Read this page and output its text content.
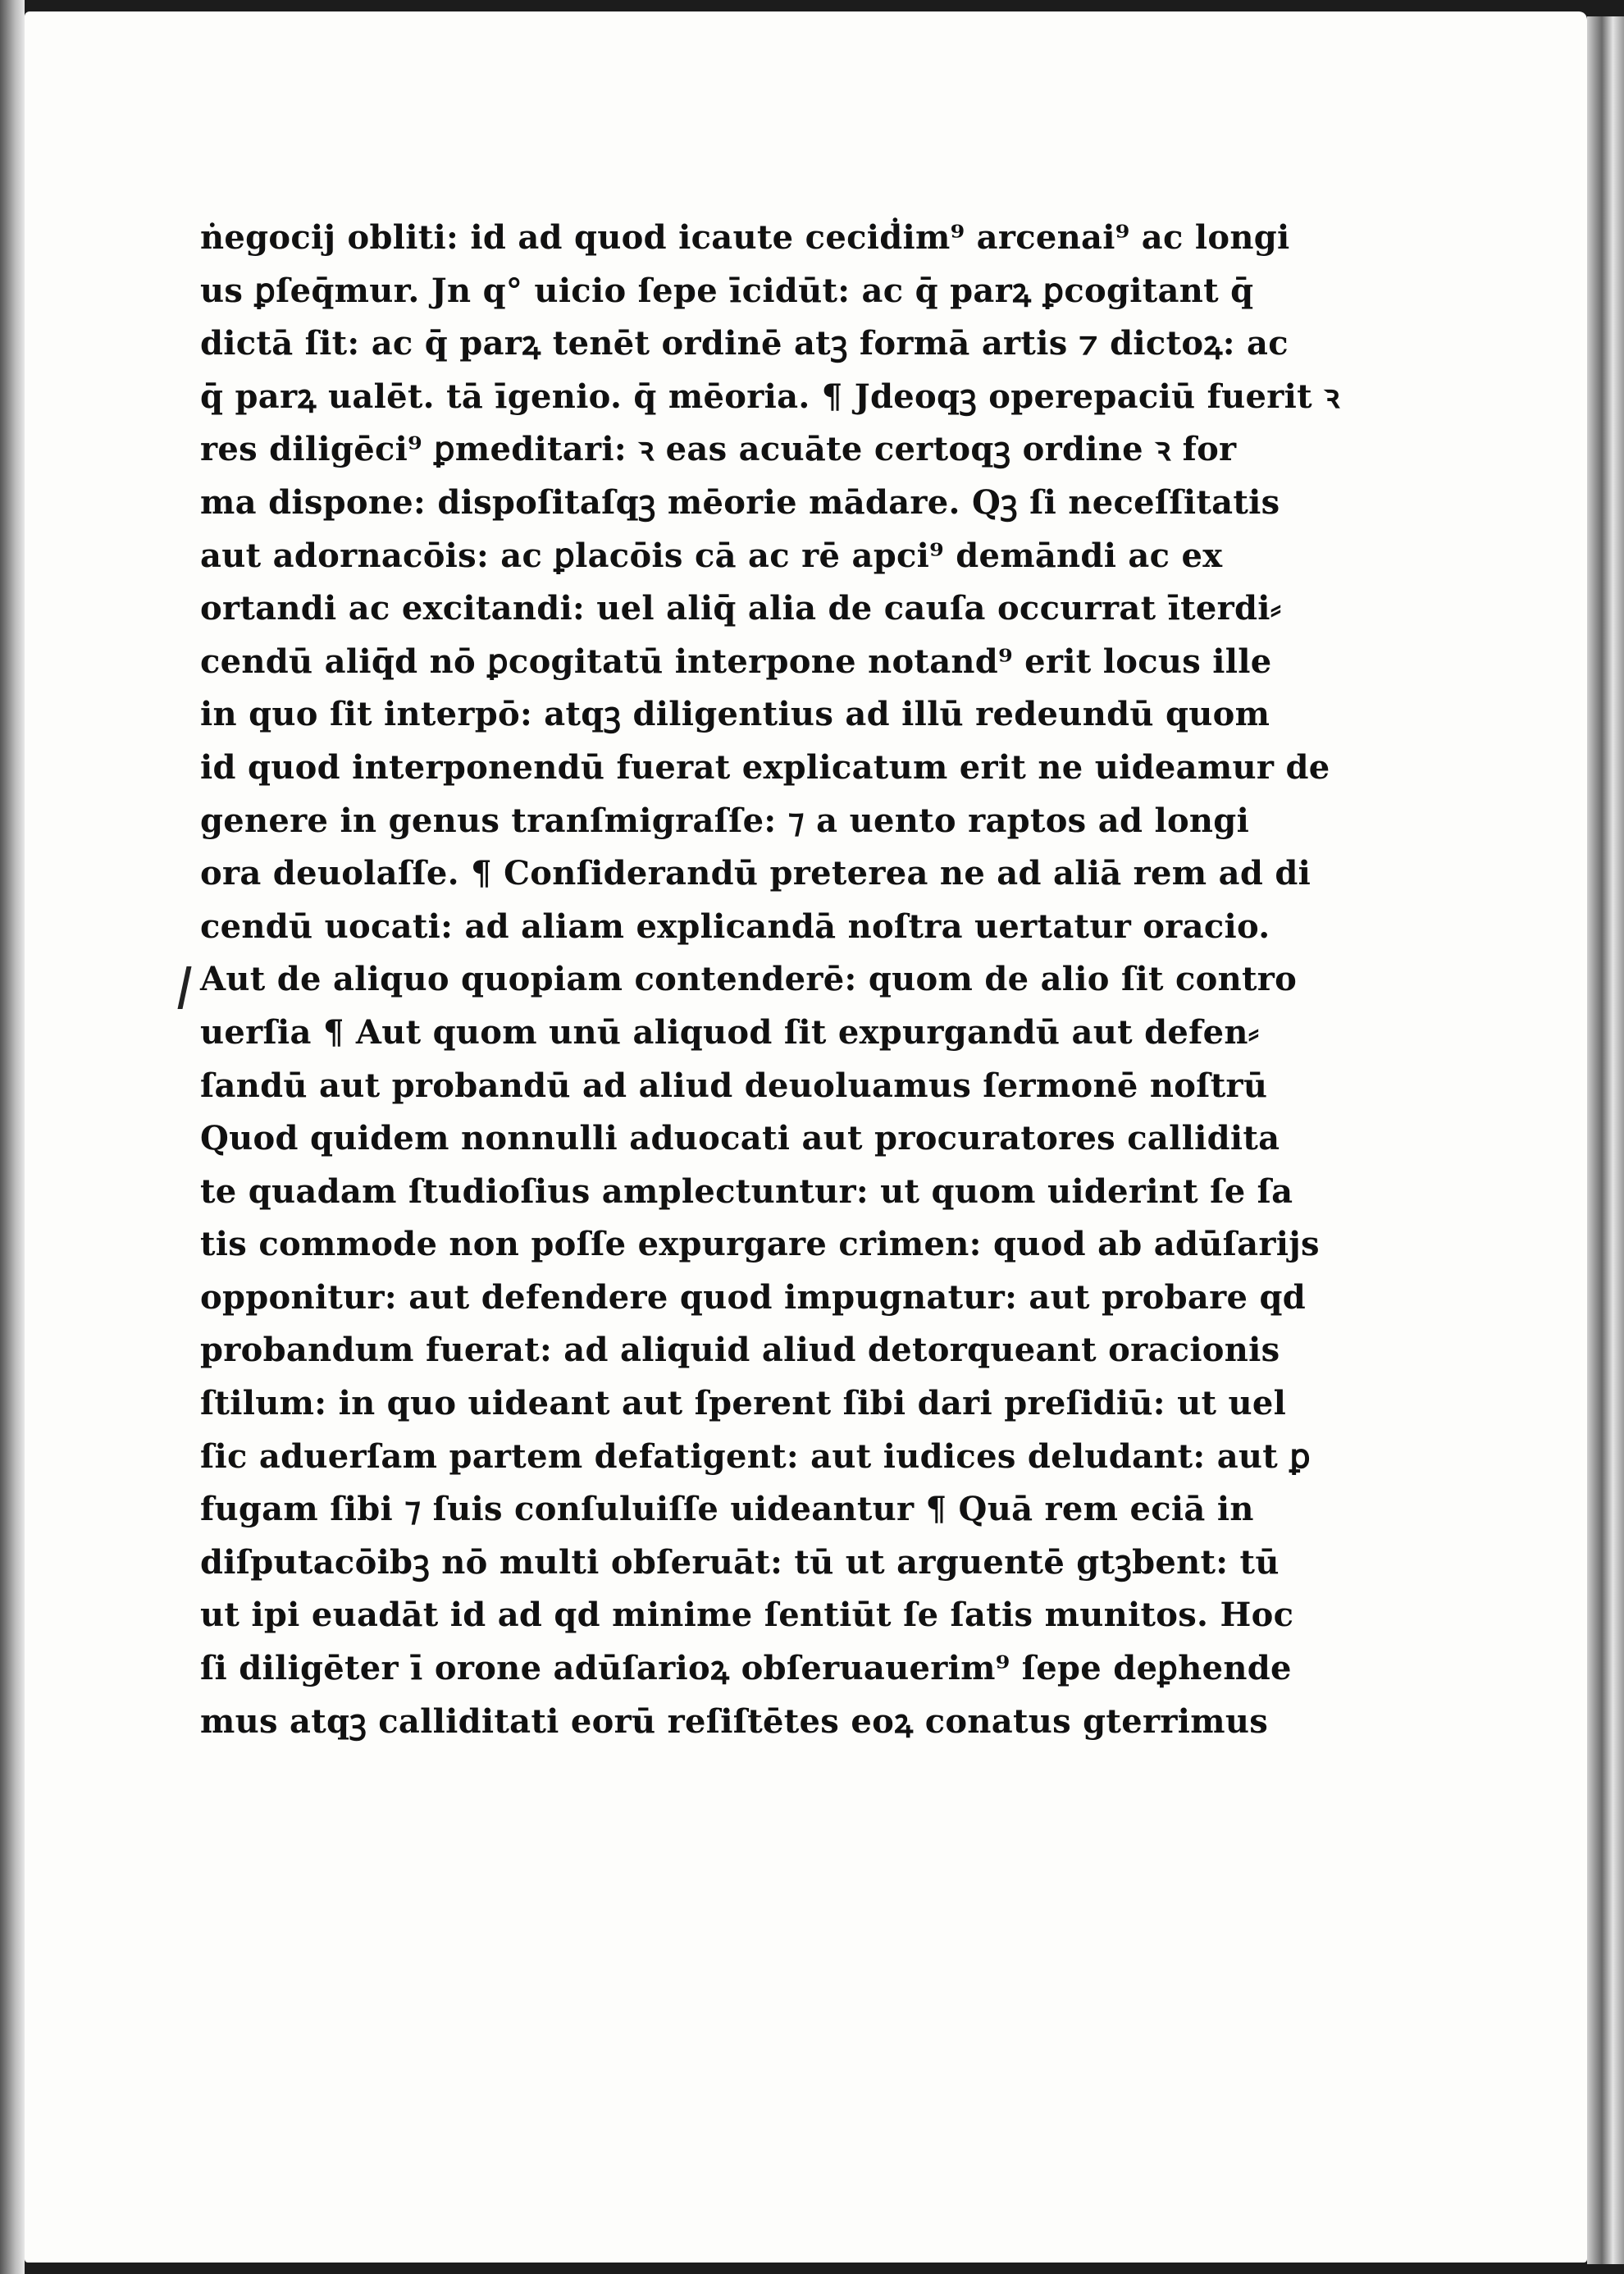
ṅegocij obliti: id ad quod icaute ceciḋim⁹ arcenai⁹ ac longi
us ꝑſeq̄mur. Jn q° uicio ſepe īcidūt: ac q̄ parꝝ ꝑcogitant q̄
dictā ſit: ac q̄ parꝝ tenēt ordinē atꝫ formā artis ⁊ dictoꝝ: ac
q̄ parꝝ ualēt. tā īgenio. q̄ mēoria. ¶ Jdeoqꝫ operepaciū fuerit ꝛ
res diligēci⁹ ꝑmeditari: ꝛ eas acuāte certoqꝫ ordine ꝛ for
ma dispone: dispoſitaſqꝫ mēorie mādare. Qꝫ ſi neceſſitatis
aut adornacōis: ac ꝑlacōis cā ac rē apci⁹ demāndi ac ex
ortandi ac excitandi: uel aliq̄ alia de cauſa occurrat īterdi⸗
cendū aliq̄d nō ꝑcogitatū interpone notand⁹ erit locus ille
in quo ſit interpō: atqꝫ diligentius ad illū redeundū quom
id quod interponendū fuerat explicatum erit ne uideamur de
genere in genus tranſmigraſſe: ⁊ a uento raptos ad longi
ora deuolaſſe. ¶ Conſiderandū preterea ne ad aliā rem ad di
cendū uocati: ad aliam explicandā noſtra uertatur oracio.
Aut de aliquo quopiam contenderē: quom de alio ſit contro
uerſia ¶ Aut quom unū aliquod ſit expurgandū aut defen⸗
ſandū aut probandū ad aliud deuoluamus ſermonē noſtrū
Quod quidem nonnulli aduocati aut procuratores callidita
te quadam ſtudioſius amplectuntur: ut quom uiderint ſe ſa
tis commode non poſſe expurgare crimen: quod ab adūſarijs
opponitur: aut defendere quod impugnatur: aut probare qd
probandum fuerat: ad aliquid aliud detorqueant oracionis
ſtilum: in quo uideant aut ſperent ſibi dari preſidiū: ut uel
ſic aduerſam partem defatigent: aut iudices deludant: aut ꝑ
fugam ſibi ⁊ ſuis conſuluiſſe uideantur ¶ Quā rem eciā in
diſputacōibꝫ nō multi obſeruāt: tū ut arguentē gtꝫbent: tū
ut ipi euadāt id ad qd minime ſentiūt ſe ſatis munitos. Hoc
ſi diligēter ī orone adūſarioꝝ obſeruauerim⁹ ſepe deꝑhende
mus atqꝫ calliditati eorū reſiſtētes eoꝝ conatus gterrimus
